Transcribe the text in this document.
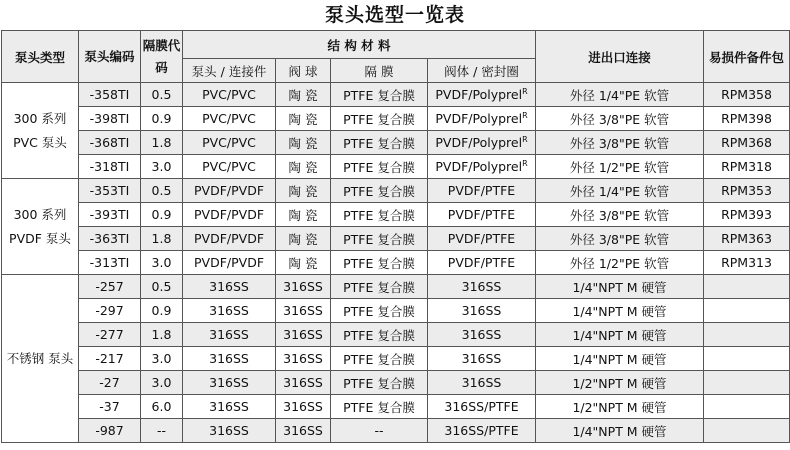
泵头选型一览表
泵头类型	泵头编码	隔膜代码	结 构 材 料				进出口连接	易损件备件包
			泵头 / 连接件	阀 球	隔 膜	阀体 / 密封圈		
300 系列 PVC 泵头	-358TI	0.5	PVC/PVC	陶 瓷	PTFE 复合膜	PVDF/Polyprel$^R$	外径 1/4"PE 软管	RPM358
	-398TI	0.9	PVC/PVC	陶 瓷	PTFE 复合膜	PVDF/Polyprel$^R$	外径 3/8"PE 软管	RPM398
	-368TI	1.8	PVC/PVC	陶 瓷	PTFE 复合膜	PVDF/Polyprel$^R$	外径 3/8"PE 软管	RPM368
	-318TI	3.0	PVC/PVC	陶 瓷	PTFE 复合膜	PVDF/Polyprel$^R$	外径 1/2"PE 软管	RPM318
300 系列 PVDF 泵头	-353TI	0.5	PVDF/PVDF	陶 瓷	PTFE 复合膜	PVDF/PTFE	外径 1/4"PE 软管	RPM353
	-393TI	0.9	PVDF/PVDF	陶 瓷	PTFE 复合膜	PVDF/PTFE	外径 3/8"PE 软管	RPM393
	-363TI	1.8	PVDF/PVDF	陶 瓷	PTFE 复合膜	PVDF/PTFE	外径 3/8"PE 软管	RPM363
	-313TI	3.0	PVDF/PVDF	陶 瓷	PTFE 复合膜	PVDF/PTFE	外径 1/2"PE 软管	RPM313
不锈钢 泵头	-257	0.5	316SS	316SS	PTFE 复合膜	316SS	1/4"NPT M 硬管	
	-297	0.9	316SS	316SS	PTFE 复合膜	316SS	1/4"NPT M 硬管	
	-277	1.8	316SS	316SS	PTFE 复合膜	316SS	1/4"NPT M 硬管	
	-217	3.0	316SS	316SS	PTFE 复合膜	316SS	1/4"NPT M 硬管	
	-27	3.0	316SS	316SS	PTFE 复合膜	316SS	1/2"NPT M 硬管	
	-37	6.0	316SS	316SS	PTFE 复合膜	316SS/PTFE	1/2"NPT M 硬管	
	-987	--	316SS	316SS	--	316SS/PTFE	1/4"NPT M 硬管	
